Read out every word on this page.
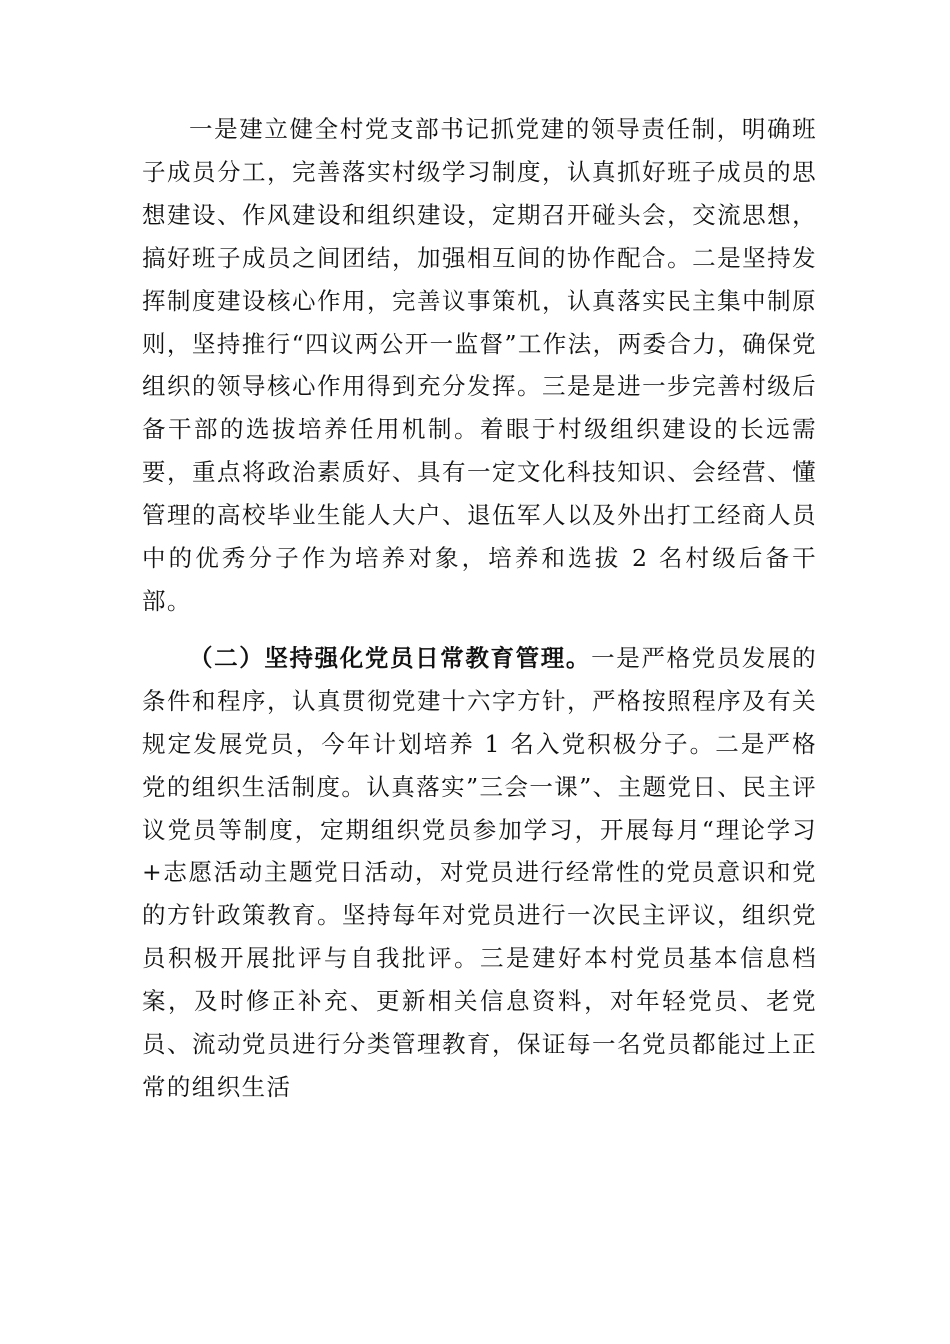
一是建立健全村党支部书记抓党建的领导责任制，明确班子成员分工，完善落实村级学习制度，认真抓好班子成员的思想建设、作风建设和组织建设，定期召开碰头会，交流思想，搞好班子成员之间团结，加强相互间的协作配合。二是坚持发挥制度建设核心作用，完善议事策机，认真落实民主集中制原则，坚持推行“四议两公开一监督”工作法，两委合力，确保党组织的领导核心作用得到充分发挥。三是是进一步完善村级后备干部的选拔培养任用机制。着眼于村级组织建设的长远需要，重点将政治素质好、具有一定文化科技知识、会经营、懂管理的高校毕业生能人大户、退伍军人以及外出打工经商人员中的优秀分子作为培养对象，培养和选拔 2 名村级后备干部。

（二）坚持强化党员日常教育管理。一是严格党员发展的条件和程序，认真贯彻党建十六字方针，严格按照程序及有关规定发展党员，今年计划培养 1 名入党积极分子。二是严格党的组织生活制度。认真落实”三会一课”、主题党日、民主评议党员等制度，定期组织党员参加学习，开展每月“理论学习+志愿活动主题党日活动，对党员进行经常性的党员意识和党的方针政策教育。坚持每年对党员进行一次民主评议，组织党员积极开展批评与自我批评。三是建好本村党员基本信息档案，及时修正补充、更新相关信息资料，对年轻党员、老党员、流动党员进行分类管理教育，保证每一名党员都能过上正常的组织生活
